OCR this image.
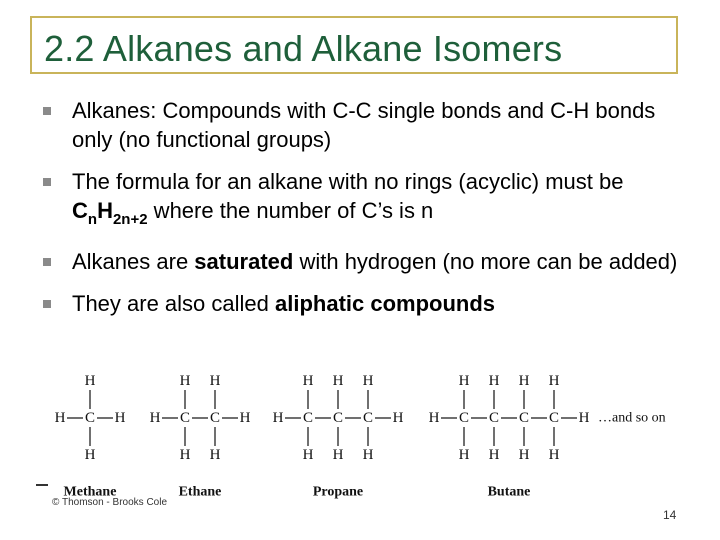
2.2 Alkanes and Alkane Isomers
Alkanes: Compounds with C-C single bonds and C-H bonds only (no functional groups)
The formula for an alkane with no rings (acyclic) must be $C_nH_{2n+2}$ where the number of C’s is n
Alkanes are saturated with hydrogen (no more can be added)
They are also called aliphatic compounds
H C
H
H
H
Methane
H C
H
H
C
H
H
H
Ethane
H C
H
H
C
H
H
C
H
H
H
Propane
H C
H
H
C
H
H
C
H
H
C
H
H
H
Butane
…and so on
© Thomson - Brooks Cole
14
